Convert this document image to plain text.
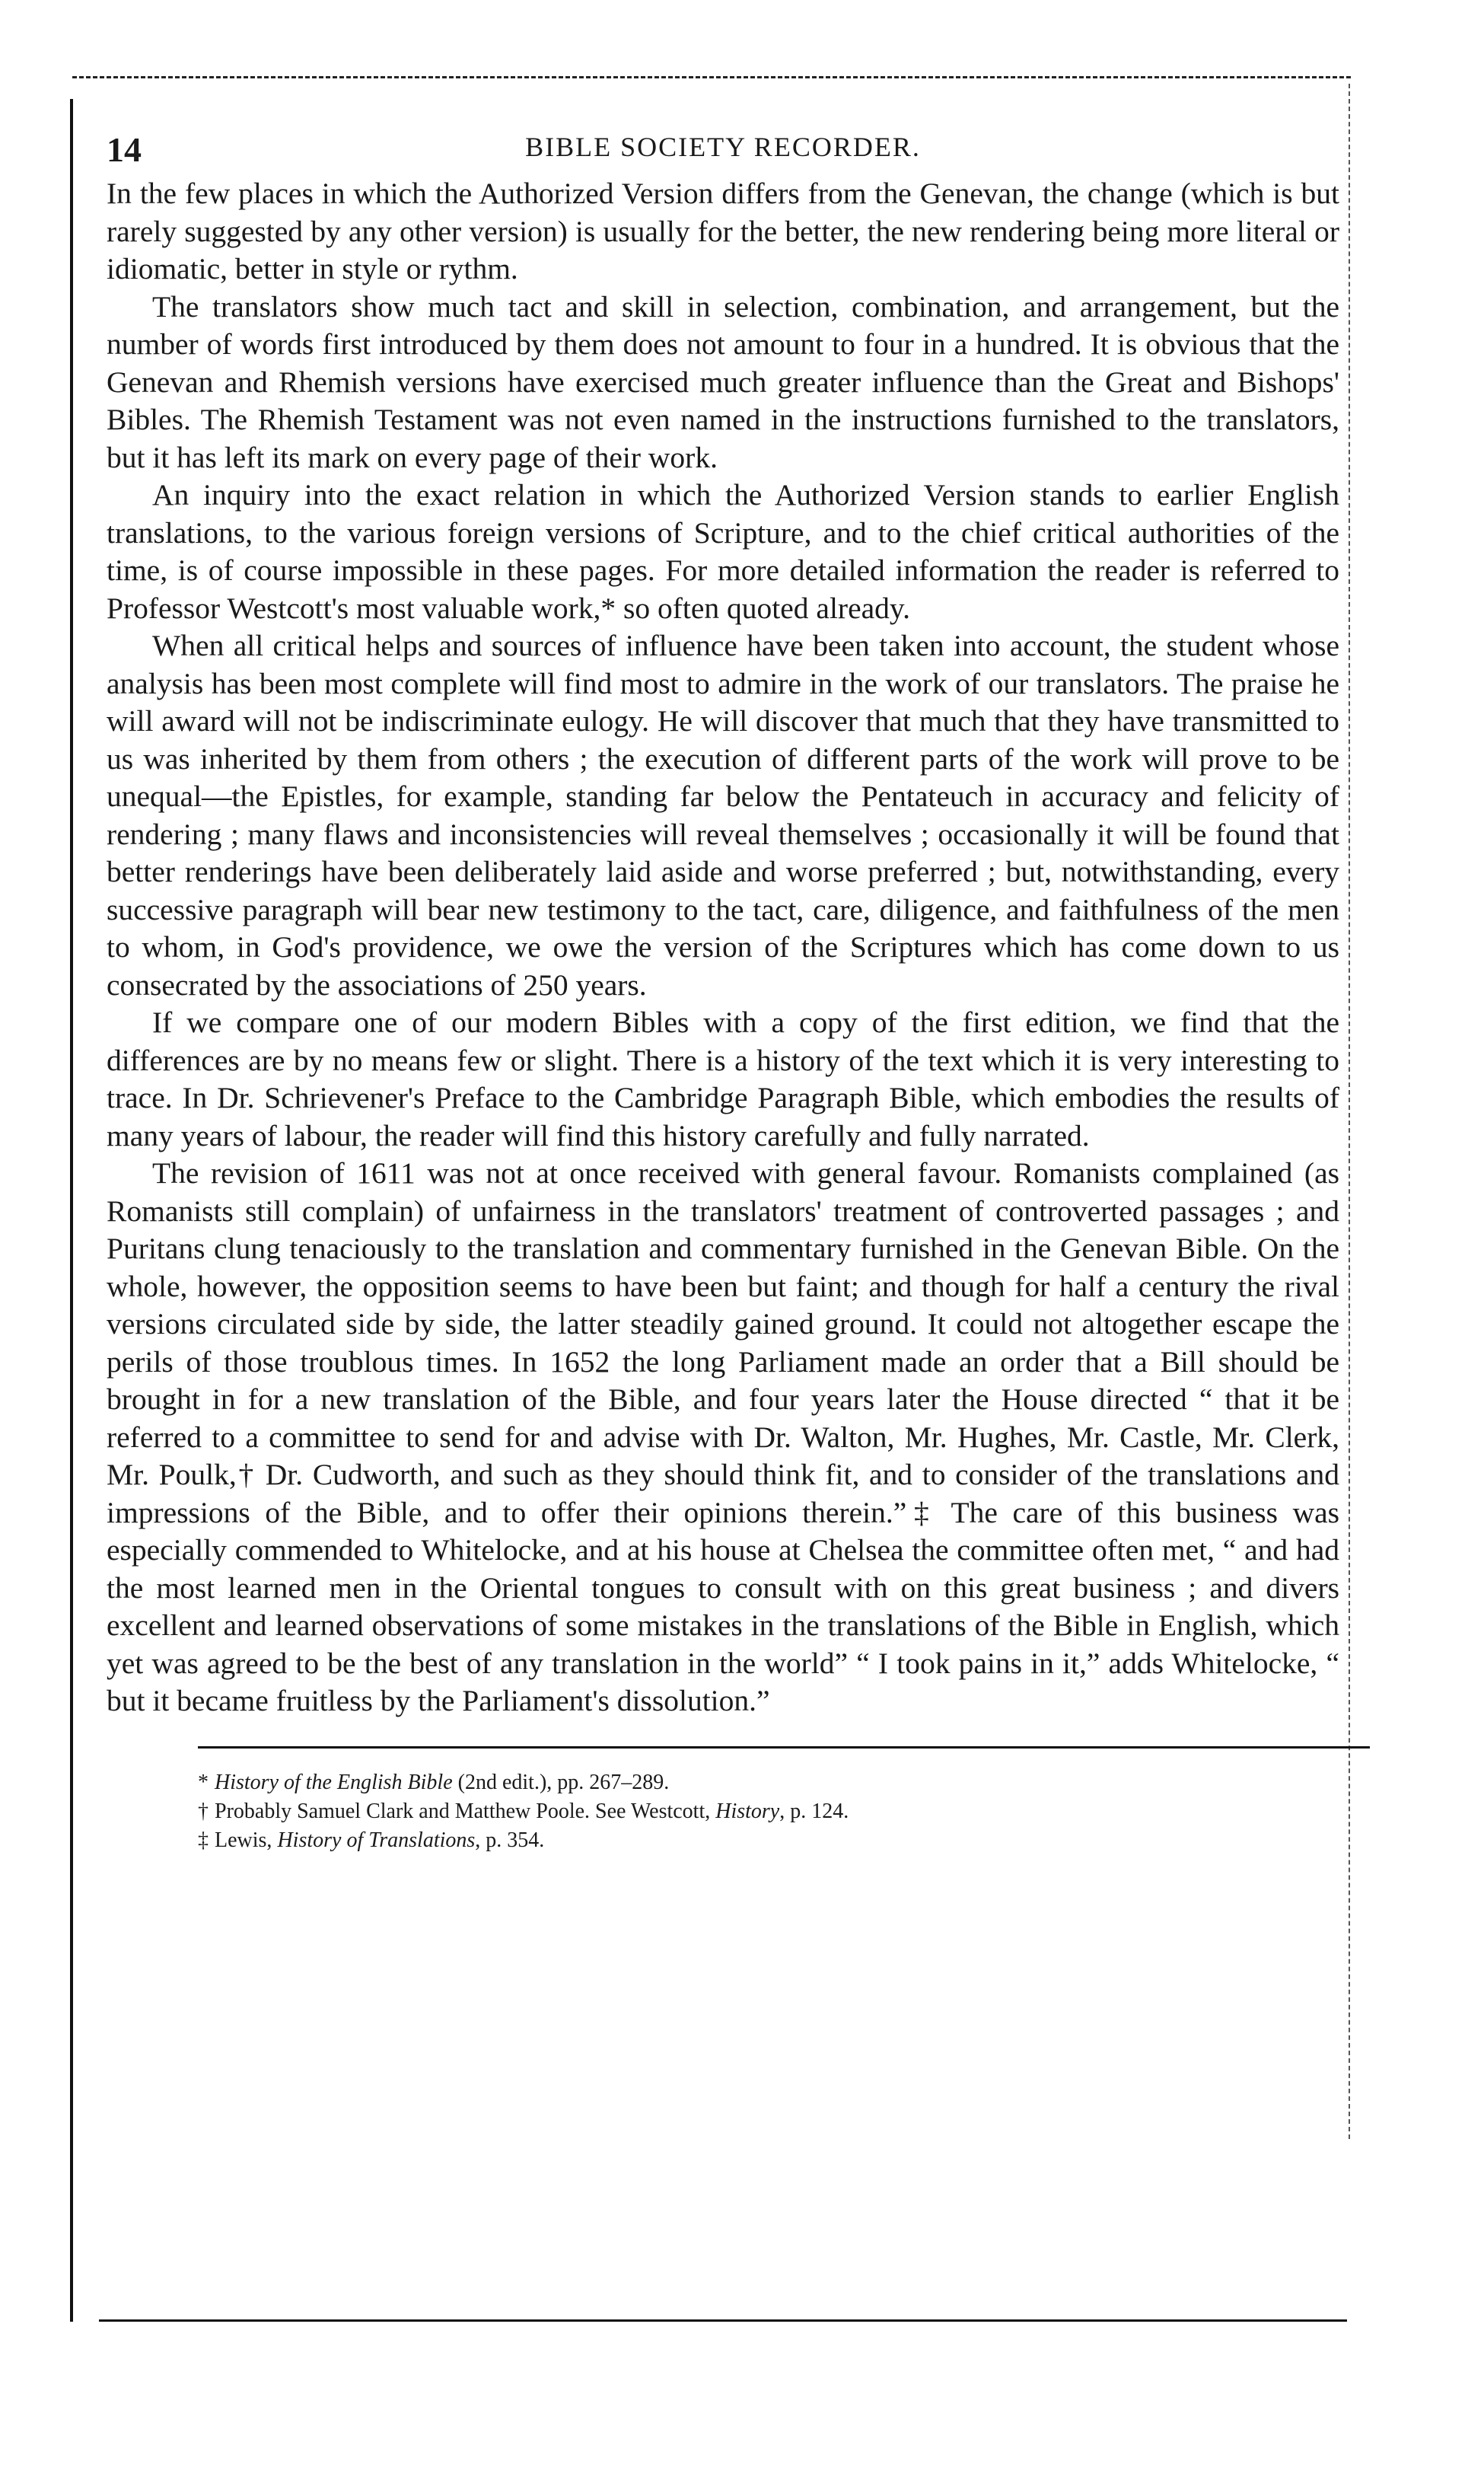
14	BIBLE SOCIETY RECORDER.

In the few places in which the Authorized Version differs from the Genevan, the change (which is but rarely suggested by any other version) is usually for the better, the new rendering being more literal or idiomatic, better in style or rythm.

The translators show much tact and skill in selection, combination, and arrangement, but the number of words first introduced by them does not amount to four in a hundred. It is obvious that the Genevan and Rhemish versions have exercised much greater influence than the Great and Bishops' Bibles. The Rhemish Testament was not even named in the instructions furnished to the translators, but it has left its mark on every page of their work.

An inquiry into the exact relation in which the Authorized Version stands to earlier English translations, to the various foreign versions of Scripture, and to the chief critical authorities of the time, is of course impossible in these pages. For more detailed information the reader is referred to Professor Westcott's most valuable work,* so often quoted already.

When all critical helps and sources of influence have been taken into account, the student whose analysis has been most complete will find most to admire in the work of our translators. The praise he will award will not be indiscriminate eulogy. He will discover that much that they have transmitted to us was inherited by them from others ; the execution of different parts of the work will prove to be unequal—the Epistles, for example, standing far below the Pentateuch in accuracy and felicity of rendering ; many flaws and inconsistencies will reveal themselves ; occasionally it will be found that better renderings have been deliberately laid aside and worse preferred ; but, notwithstanding, every successive paragraph will bear new testimony to the tact, care, diligence, and faithfulness of the men to whom, in God's providence, we owe the version of the Scriptures which has come down to us consecrated by the associations of 250 years.

If we compare one of our modern Bibles with a copy of the first edition, we find that the differences are by no means few or slight. There is a history of the text which it is very interesting to trace. In Dr. Schrievener's Preface to the Cambridge Paragraph Bible, which embodies the results of many years of labour, the reader will find this history carefully and fully narrated.

The revision of 1611 was not at once received with general favour. Romanists complained (as Romanists still complain) of unfairness in the translators' treatment of controverted passages ; and Puritans clung tenaciously to the translation and commentary furnished in the Genevan Bible. On the whole, however, the opposition seems to have been but faint; and though for half a century the rival versions circulated side by side, the latter steadily gained ground. It could not altogether escape the perils of those troublous times. In 1652 the long Parliament made an order that a Bill should be brought in for a new translation of the Bible, and four years later the House directed “ that it be referred to a committee to send for and advise with Dr. Walton, Mr. Hughes, Mr. Castle, Mr. Clerk, Mr. Poulk,† Dr. Cudworth, and such as they should think fit, and to consider of the translations and impressions of the Bible, and to offer their opinions therein.”‡ The care of this business was especially commended to Whitelocke, and at his house at Chelsea the committee often met, “ and had the most learned men in the Oriental tongues to consult with on this great business ; and divers excellent and learned observations of some mistakes in the translations of the Bible in English, which yet was agreed to be the best of any translation in the world” “ I took pains in it,” adds Whitelocke, “ but it became fruitless by the Parliament's dissolution.”

* History of the English Bible (2nd edit.), pp. 267–289.
† Probably Samuel Clark and Matthew Poole. See Westcott, History, p. 124.
‡ Lewis, History of Translations, p. 354.
